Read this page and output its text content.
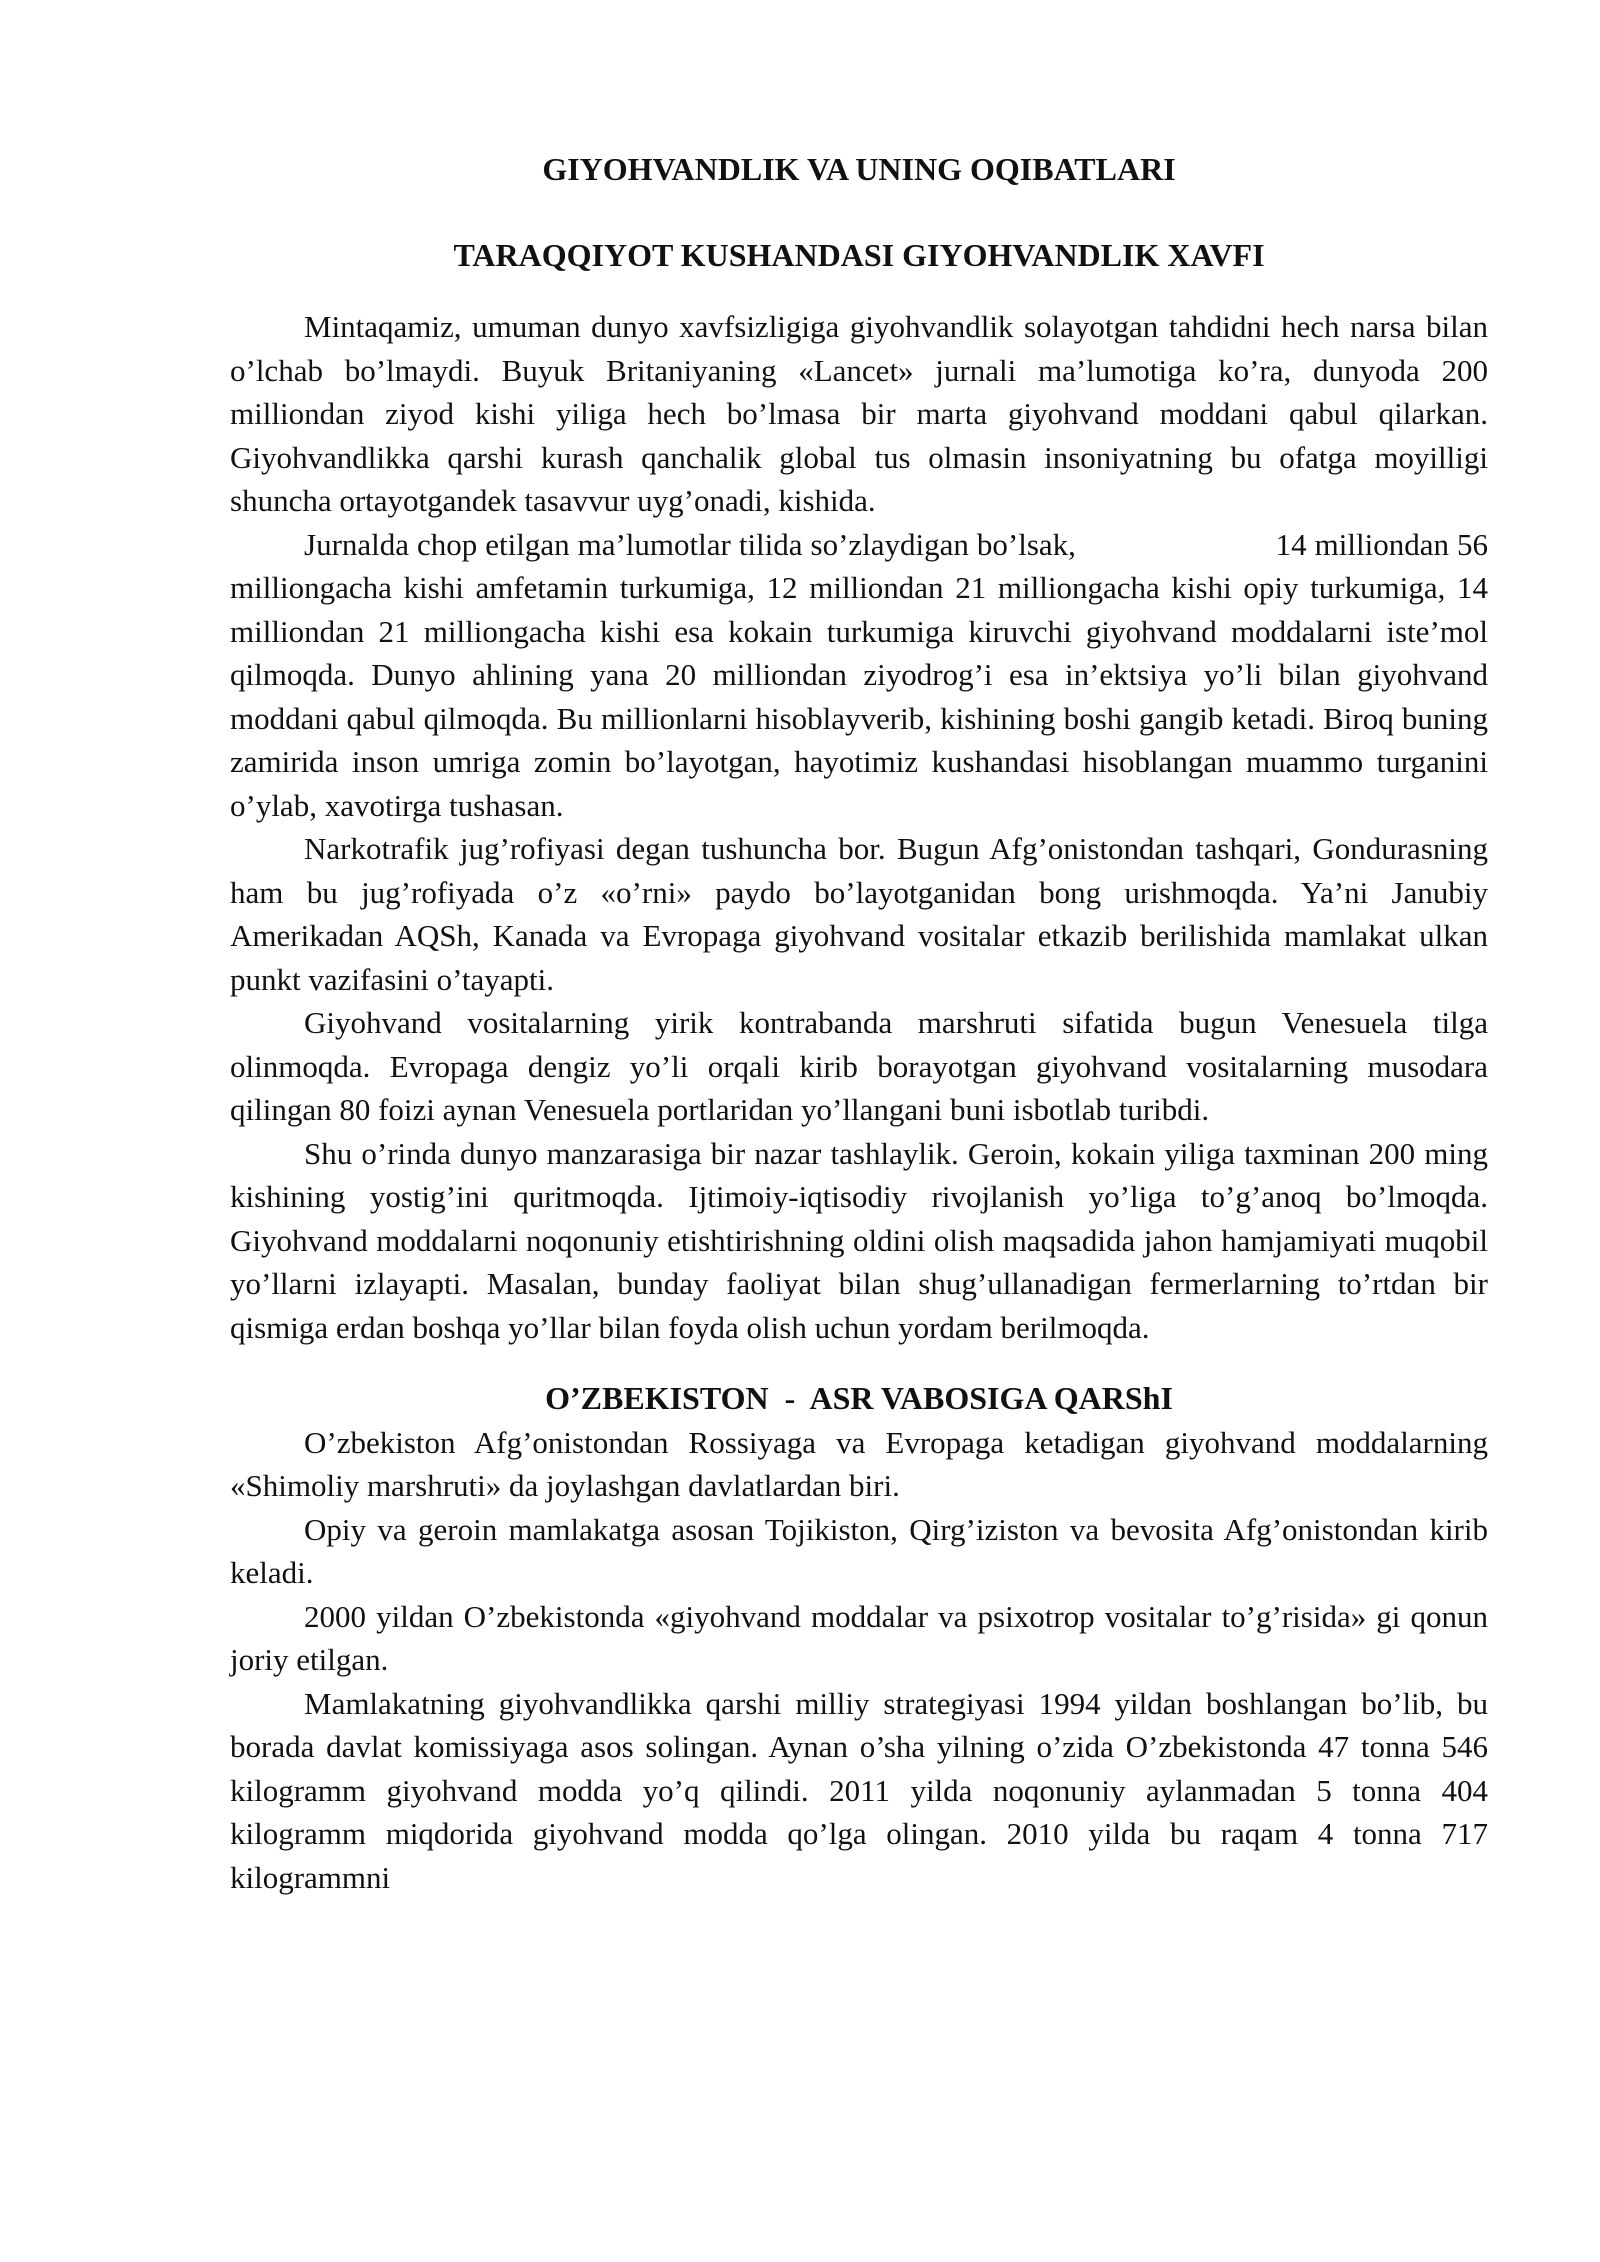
GIYOHVANDLIK VA UNING OQIBATLARI
TARAQQIYOT KUSHANDASI GIYOHVANDLIK XAVFI

Mintaqamiz, umuman dunyo xavfsizligiga giyohvandlik solayotgan tahdidni hech narsa bilan o’lchab bo’lmaydi. Buyuk Britaniyaning «Lancet» jurnali ma’lumotiga ko’ra, dunyoda 200 milliondan ziyod kishi yiliga hech bo’lmasa bir marta giyohvand moddani qabul qilarkan. Giyohvandlikka qarshi kurash qanchalik global tus olmasin insoniyatning bu ofatga moyilligi shuncha ortayotgandek tasavvur uyg’onadi, kishida.

Jurnalda chop etilgan ma’lumotlar tilida so’zlaydigan bo’lsak,                         14 milliondan 56 milliongacha kishi amfetamin turkumiga, 12 milliondan 21 milliongacha kishi opiy turkumiga, 14 milliondan 21 milliongacha kishi esa kokain turkumiga kiruvchi giyohvand moddalarni iste’mol qilmoqda. Dunyo ahlining yana 20 milliondan ziyodrog’i esa in’ektsiya yo’li bilan giyohvand moddani qabul qilmoqda. Bu millionlarni hisoblayverib, kishining boshi gangib ketadi. Biroq buning zamirida inson umriga zomin bo’layotgan, hayotimiz kushandasi hisoblangan muammo turganini o’ylab, xavotirga tushasan.

Narkotrafik jug’rofiyasi degan tushuncha bor. Bugun Afg’onistondan tashqari, Gondurasning ham bu jug’rofiyada o’z «o’rni» paydo bo’layotganidan bong urishmoqda. Ya’ni Janubiy Amerikadan AQSh, Kanada va Evropaga giyohvand vositalar etkazib berilishida mamlakat ulkan punkt vazifasini o’tayapti.

Giyohvand vositalarning yirik kontrabanda marshruti sifatida bugun Venesuela tilga olinmoqda. Evropaga dengiz yo’li orqali kirib borayotgan giyohvand vositalarning musodara qilingan 80 foizi aynan Venesuela portlaridan yo’llangani buni isbotlab turibdi.

Shu o’rinda dunyo manzarasiga bir nazar tashlaylik. Geroin, kokain yiliga taxminan 200 ming kishining yostig’ini quritmoqda. Ijtimoiy-iqtisodiy rivojlanish yo’liga to’g’anoq bo’lmoqda. Giyohvand moddalarni noqonuniy etishtirishning oldini olish maqsadida jahon hamjamiyati muqobil yo’llarni izlayapti. Masalan, bunday faoliyat bilan shug’ullanadigan fermerlarning to’rtdan bir qismiga erdan boshqa yo’llar bilan foyda olish uchun yordam berilmoqda.

O’ZBEKISTON  -  ASR VABOSIGA QARShI

O’zbekiston Afg’onistondan Rossiyaga va Evropaga ketadigan giyohvand moddalarning «Shimoliy marshruti» da joylashgan davlatlardan biri.

Opiy va geroin mamlakatga asosan Tojikiston, Qirg’iziston va bevosita Afg’onistondan kirib keladi.

2000 yildan O’zbekistonda «giyohvand moddalar va psixotrop vositalar to’g’risida» gi qonun joriy etilgan.

Mamlakatning giyohvandlikka qarshi milliy strategiyasi 1994 yildan boshlangan bo’lib, bu borada davlat komissiyaga asos solingan. Aynan o’sha yilning o’zida O’zbekistonda 47 tonna 546 kilogramm giyohvand modda yo’q qilindi. 2011 yilda noqonuniy aylanmadan 5 tonna 404 kilogramm miqdorida giyohvand modda qo’lga olingan. 2010 yilda bu raqam 4 tonna 717 kilogrammni
